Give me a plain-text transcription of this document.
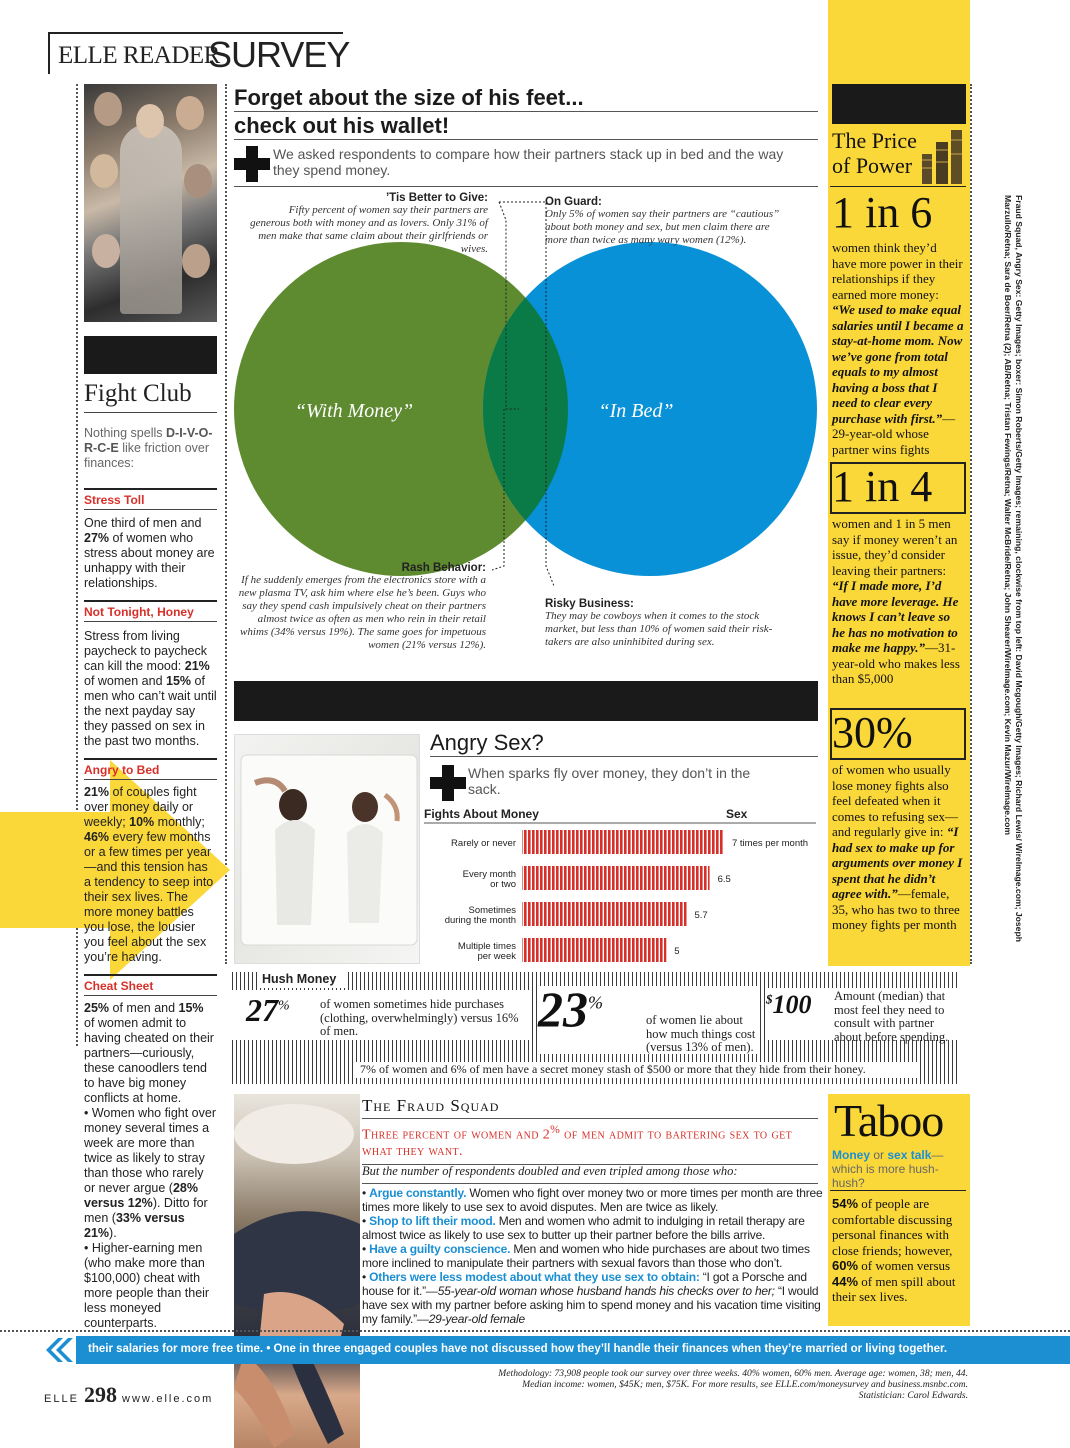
ELLE READER
SURVEY
Fight Club
Nothing spells D-I-V-O-R-C-E like friction over finances:
Stress Toll
One third of men and 27% of women who stress about money are unhappy with their relationships.
Not Tonight, Honey
Stress from living paycheck to paycheck can kill the mood: 21% of women and 15% of men who can’t wait until the next payday say they passed on sex in the past two months.
Angry to Bed
21% of couples fight over money daily or weekly; 10% monthly; 46% every few months or a few times per year—and this tension has a tendency to seep into their sex lives. The more money battles you lose, the lousier you feel about the sex you’re having.
Cheat Sheet
25% of men and 15% of women admit to having cheated on their partners—curiously, these canoodlers tend to have big money conflicts at home.
• Women who fight over money several times a week are more than twice as likely to stray than those who rarely or never argue (28% versus 12%). Ditto for men (33% versus 21%).
• Higher-earning men (who make more than $100,000) cheat with more people than their less moneyed counterparts.
Forget about the size of his feet...
check out his wallet!
We asked respondents to compare how their partners stack up in bed and the way they spend money.
“With Money”	“In Bed”
’Tis Better to Give:
Fifty percent of women say their partners are generous both with money and as lovers. Only 31% of men make that same claim about their girlfriends or wives.
On Guard:
Only 5% of women say their partners are “cautious” about both money and sex, but men claim there are more than twice as many wary women (12%).
Rash Behavior:
If he suddenly emerges from the electronics store with a new plasma TV, ask him where else he’s been. Guys who say they spend cash impulsively cheat on their partners almost twice as often as men who rein in their retail whims (34% versus 19%). The same goes for impetuous women (21% versus 12%).
Risky Business:
They may be cowboys when it comes to the stock market, but less than 10% of women said their risk-takers are also uninhibited during sex.
Angry Sex?
When sparks fly over money, they don’t in the sack.
Fights About Money	Sex
Rarely or never	7 times per month
Every month
or two	6.5
Sometimes
during the month	5.7
Multiple times
per week	5
Hush Money
27% of women sometimes hide purchases (clothing, overwhelmingly) versus 16% of men.	23%
of women lie about how much things cost (versus 13% of men).
$100 Amount (median) that most feel they need to consult with partner about before spending.
7% of women and 6% of men have a secret money stash of $500 or more that they hide from their honey.
The Price
of Power
1 in 6
women think they’d have more power in their relationships if they earned more money: “We used to make equal salaries until I became a stay-at-home mom. Now we’ve gone from total equals to my almost having a boss that I need to clear every purchase with first.”—29-year-old whose partner wins fights
1 in 4
women and 1 in 5 men say if money weren’t an issue, they’d consider leaving their partners: “If I made more, I’d have more leverage. He knows I can’t leave so he has no motivation to make me happy.”—31-year-old who makes less than $5,000
30%
of women who usually lose money fights also feel defeated when it comes to refusing sex—and regularly give in: “I had sex to make up for arguments over money I spent that he didn’t agree with.”—female, 35, who has two to three money fights per month	Fraud Squad, Angry Sex: Getty Images; boxer: Simon Roberts/Getty Images; remaining, clockwise from top left: David Mcgough/Getty Images; Richard Lewis/ WireImage.com; Joseph Marzullo/Retna; Sara de Boer/Retna (2); AB/Retna; Tristan Fewings/Retna; Walter McBride/Retna; John Shearer/WireImage.com; Kevin Mazur/WireImage.com
The Fraud Squad
Three percent of women and 2% of men admit to bartering sex to get what they want.
But the number of respondents doubled and even tripled among those who:

• Argue constantly. Women who fight over money two or more times per month are three times more likely to use sex to avoid disputes. Men are twice as likely.

• Shop to lift their mood. Men and women who admit to indulging in retail therapy are almost twice as likely to use sex to butter up their partner before the bills arrive.

• Have a guilty conscience. Men and women who hide purchases are about two times more inclined to manipulate their partners with sexual favors than those who don’t.

• Others were less modest about what they use sex to obtain: “I got a Porsche and house for it.”—55-year-old woman whose husband hands his checks over to her; “I would have sex with my partner before asking him to spend money and his vacation time visiting my family.”—29-year-old female

Taboo
Money or sex talk—which is more hush-hush?
54% of people are comfortable discussing personal finances with close friends; however, 60% of women versus 44% of men spill about their sex lives.
their salaries for more free time. • One in three engaged couples have not discussed how they’ll handle their finances when they’re married or living together.
ELLE 298 www.elle.com
Methodology: 73,908 people took our survey over three weeks. 40% women, 60% men. Average age: women, 38; men, 44.
Median income: women, $45K; men, $75K. For more results, see ELLE.com/moneysurvey and business.msnbc.com.
Statistician: Carol Edwards.
